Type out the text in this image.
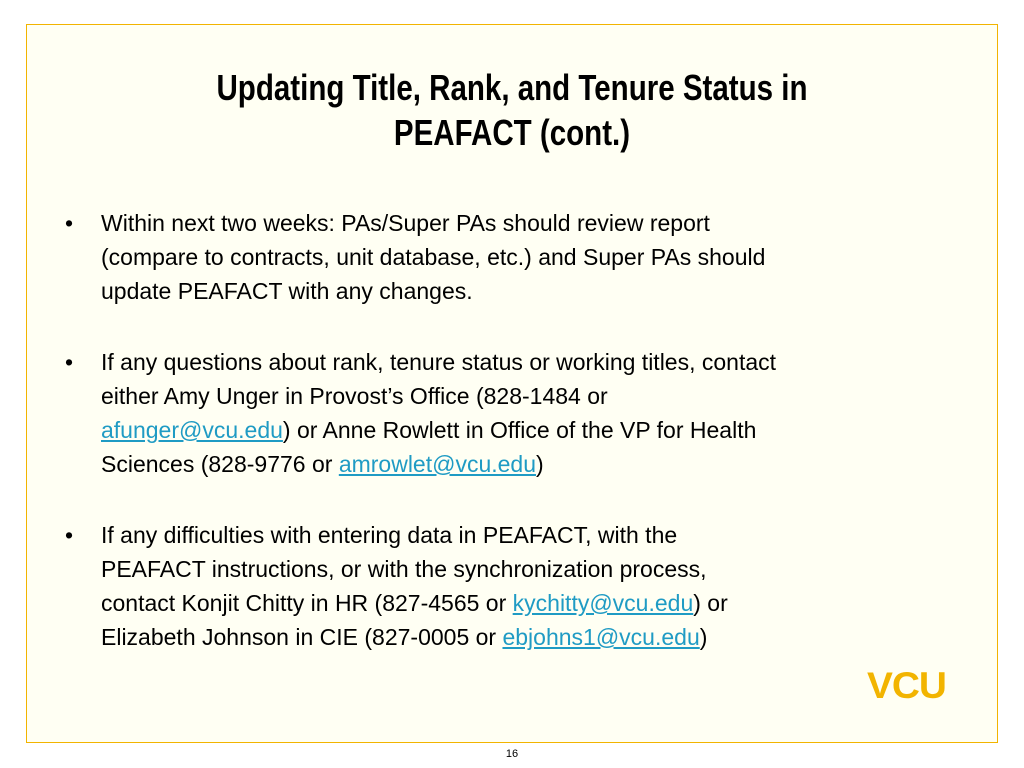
Updating Title, Rank, and Tenure Status in
PEAFACT (cont.)
• Within next two weeks: PAs/Super PAs should review report
(compare to contracts, unit database, etc.) and Super PAs should
update PEAFACT with any changes.
• If any questions about rank, tenure status or working titles, contact
either Amy Unger in Provost’s Office (828-1484 or
afunger@vcu.edu) or Anne Rowlett in Office of the VP for Health
Sciences (828-9776 or amrowlet@vcu.edu)
• If any difficulties with entering data in PEAFACT, with the
PEAFACT instructions, or with the synchronization process,
contact Konjit Chitty in HR (827-4565 or kychitty@vcu.edu) or
Elizabeth Johnson in CIE (827-0005 or ebjohns1@vcu.edu)
VCU
16
